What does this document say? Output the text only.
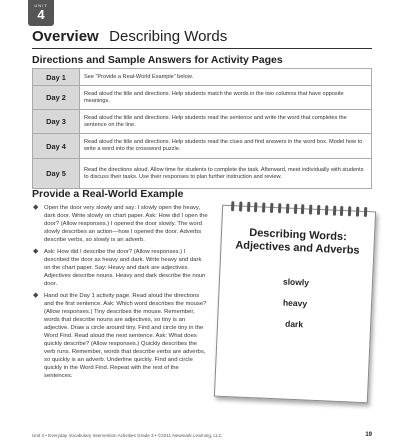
UNIT
4
Overview Describing Words
Directions and Sample Answers for Activity Pages
Day 1	See “Provide a Real-World Example” below.
Day 2	Read aloud the title and directions. Help students match the words in the two columns that have opposite meanings.
Day 3	Read aloud the title and directions. Help students read the sentence and write the word that completes the sentence on the line.
Day 4	Read aloud the title and directions. Help students read the clues and find answers in the word box. Model how to write a word into the crossword puzzle.
Day 5	Read the directions aloud. Allow time for students to complete the task. Afterward, meet individually with students to discuss their tasks. Use their responses to plan further instruction and review.
Provide a Real-World Example
◆ Open the door very slowly and say: I slowly open the heavy, dark door. Write slowly on chart paper. Ask: How did I open the door? (Allow responses.) I opened the door slowly. The word slowly describes an action—how I opened the door. Adverbs describe verbs, so slowly is an adverb.
◆ Ask: How did I describe the door? (Allow responses.) I described the door as heavy and dark. Write heavy and dark on the chart paper. Say: Heavy and dark are adjectives. Adjectives describe nouns. Heavy and dark describe the noun door.
◆ Hand out the Day 1 activity page. Read aloud the directions and the first sentence. Ask: Which word describes the mouse? (Allow responses.) Tiny describes the mouse. Remember, words that describe nouns are adjectives, so tiny is an adjective. Draw a circle around tiny. Find and circle tiny in the Word Find. Read aloud the next sentence. Ask: What does quickly describe? (Allow responses.) Quickly describes the verb runs. Remember, words that describe verbs are adverbs, so quickly is an adverb. Underline quickly. Find and circle quickly in the Word Find. Repeat with the rest of the sentences.
Describing Words:
Adjectives and Adverbs
slowly
heavy
dark
Unit 4 • Everyday Vocabulary Intervention Activities Grade 3 • ©2011 Newmark Learning, LLC	19
